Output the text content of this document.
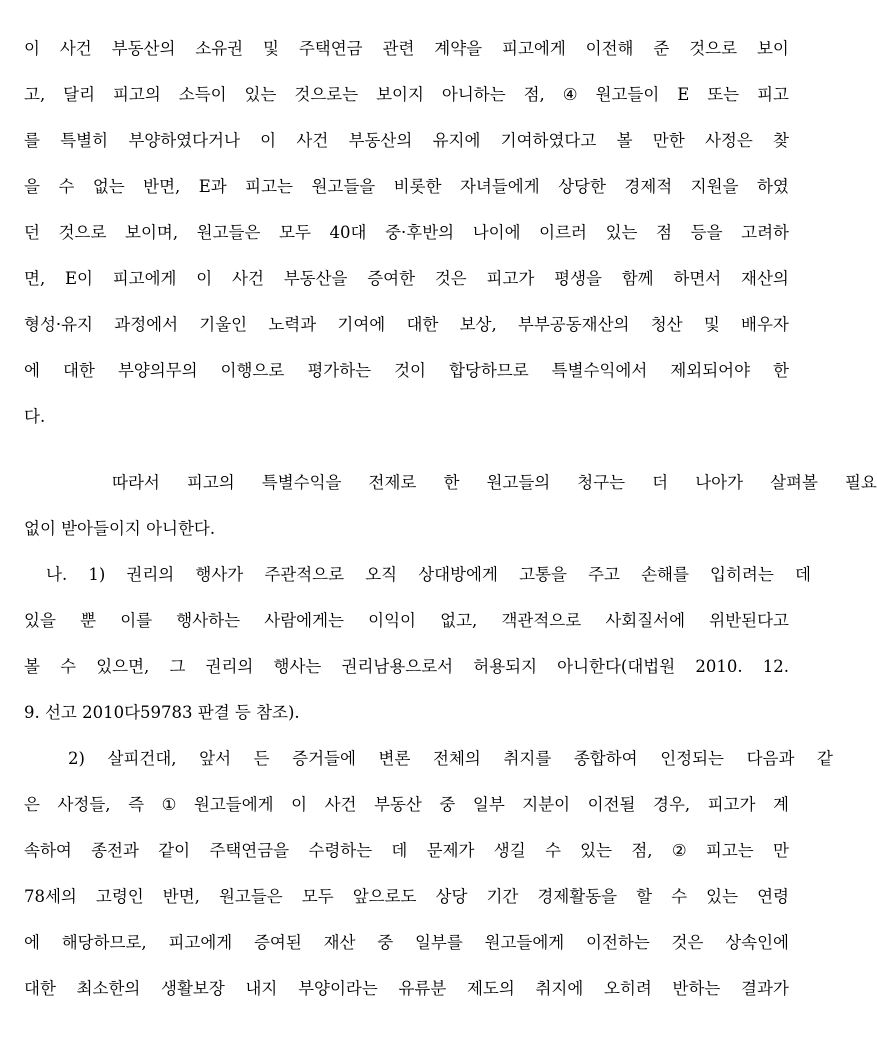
이 사건 부동산의 소유권 및 주택연금 관련 계약을 피고에게 이전해 준 것으로 보이
고, 달리 피고의 소득이 있는 것으로는 보이지 아니하는 점, ④ 원고들이 E 또는 피고
를 특별히 부양하였다거나 이 사건 부동산의 유지에 기여하였다고 볼 만한 사정은 찾
을 수 없는 반면, E과 피고는 원고들을 비롯한 자녀들에게 상당한 경제적 지원을 하였
던 것으로 보이며, 원고들은 모두 40대 중·후반의 나이에 이르러 있는 점 등을 고려하
면, E이 피고에게 이 사건 부동산을 증여한 것은 피고가 평생을 함께 하면서 재산의
형성·유지 과정에서 기울인 노력과 기여에 대한 보상, 부부공동재산의 청산 및 배우자
에 대한 부양의무의 이행으로 평가하는 것이 합당하므로 특별수익에서 제외되어야 한
다.
따라서 피고의 특별수익을 전제로 한 원고들의 청구는 더 나아가 살펴볼 필요
없이 받아들이지 아니한다.
나. 1) 권리의 행사가 주관적으로 오직 상대방에게 고통을 주고 손해를 입히려는 데
있을 뿐 이를 행사하는 사람에게는 이익이 없고, 객관적으로 사회질서에 위반된다고
볼 수 있으면, 그 권리의 행사는 권리남용으로서 허용되지 아니한다(대법원 2010. 12.
9. 선고 2010다59783 판결 등 참조).
2) 살피건대, 앞서 든 증거들에 변론 전체의 취지를 종합하여 인정되는 다음과 같
은 사정들, 즉 ① 원고들에게 이 사건 부동산 중 일부 지분이 이전될 경우, 피고가 계
속하여 종전과 같이 주택연금을 수령하는 데 문제가 생길 수 있는 점, ② 피고는 만
78세의 고령인 반면, 원고들은 모두 앞으로도 상당 기간 경제활동을 할 수 있는 연령
에 해당하므로, 피고에게 증여된 재산 중 일부를 원고들에게 이전하는 것은 상속인에
대한 최소한의 생활보장 내지 부양이라는 유류분 제도의 취지에 오히려 반하는 결과가
